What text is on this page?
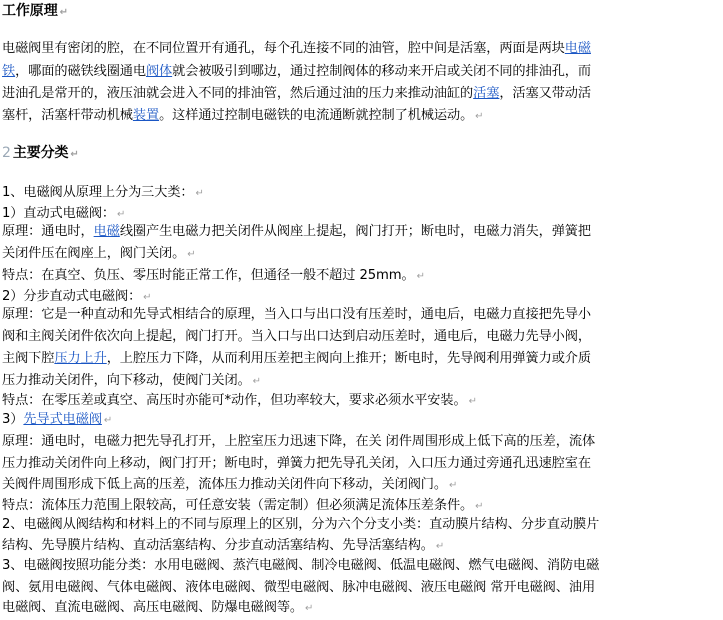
工作原理 ↵
电磁阀里有密闭的腔，在不同位置开有通孔，每个孔连接不同的油管，腔中间是活塞，两面是两块电磁
铁，哪面的磁铁线圈通电阀体就会被吸引到哪边，通过控制阀体的移动来开启或关闭不同的排油孔，而
进油孔是常开的，液压油就会进入不同的排油管，然后通过油的压力来推动油缸的活塞，活塞又带动活
塞杆，活塞杆带动机械装置。这样通过控制电磁铁的电流通断就控制了机械运动。 ↵
2 主要分类 ↵
1、电磁阀从原理上分为三大类： ↵
1）直动式电磁阀： ↵
原理：通电时，电磁线圈产生电磁力把关闭件从阀座上提起，阀门打开；断电时，电磁力消失，弹簧把
关闭件压在阀座上，阀门关闭。 ↵
特点：在真空、负压、零压时能正常工作，但通径一般不超过 25mm。 ↵
2）分步直动式电磁阀： ↵
原理：它是一种直动和先导式相结合的原理，当入口与出口没有压差时，通电后，电磁力直接把先导小
阀和主阀关闭件依次向上提起，阀门打开。当入口与出口达到启动压差时，通电后，电磁力先导小阀，
主阀下腔压力上升，上腔压力下降，从而利用压差把主阀向上推开；断电时，先导阀利用弹簧力或介质
压力推动关闭件，向下移动，使阀门关闭。 ↵
特点：在零压差或真空、高压时亦能可*动作，但功率较大，要求必须水平安装。 ↵
3）先导式电磁阀 ↵
原理：通电时，电磁力把先导孔打开，上腔室压力迅速下降，在关 闭件周围形成上低下高的压差，流体
压力推动关闭件向上移动，阀门打开；断电时，弹簧力把先导孔关闭，入口压力通过旁通孔迅速腔室在
关阀件周围形成下低上高的压差，流体压力推动关闭件向下移动，关闭阀门。 ↵
特点：流体压力范围上限较高，可任意安装（需定制）但必须满足流体压差条件。 ↵
2、电磁阀从阀结构和材料上的不同与原理上的区别，分为六个分支小类：直动膜片结构、分步直动膜片
结构、先导膜片结构、直动活塞结构、分步直动活塞结构、先导活塞结构。 ↵
3、电磁阀按照功能分类：水用电磁阀、蒸汽电磁阀、制冷电磁阀、低温电磁阀、燃气电磁阀、消防电磁
阀、氨用电磁阀、气体电磁阀、液体电磁阀、微型电磁阀、脉冲电磁阀、液压电磁阀 常开电磁阀、油用
电磁阀、直流电磁阀、高压电磁阀、防爆电磁阀等。 ↵
